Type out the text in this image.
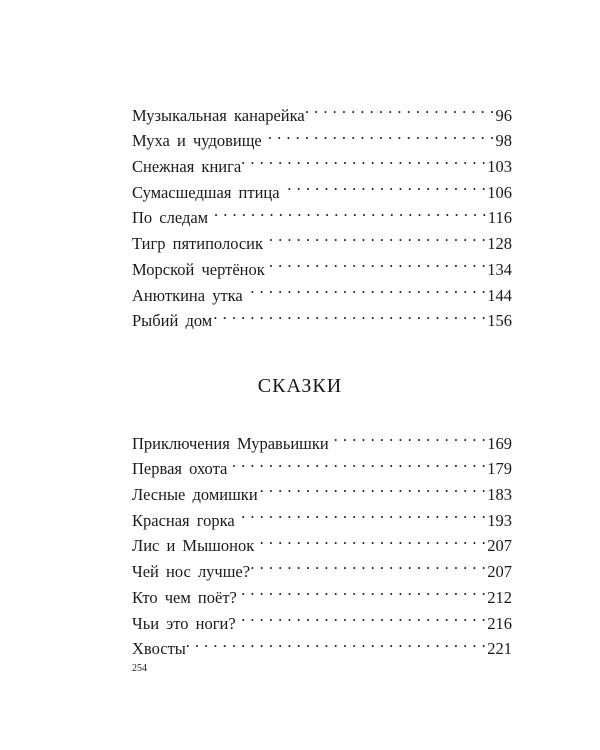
Музыкальная канарейка . . .	96
Муха и чудовище . . .	98
Снежная книга . . .	103
Сумасшедшая птица . . .	106
По следам . . .	116
Тигр пятиполосик . . .	128
Морской чертёнок . . .	134
Анюткина утка . . .	144
Рыбий дом . . .	156
СКАЗКИ
Приключения Муравьишки . . .	169
Первая охота . . .	179
Лесные домишки . . .	183
Красная горка . . .	193
Лис и Мышонок . . .	207
Чей нос лучше? . . .	207
Кто чем поёт? . . .	212
Чьи это ноги? . . .	216
Хвосты . . .	221
254
